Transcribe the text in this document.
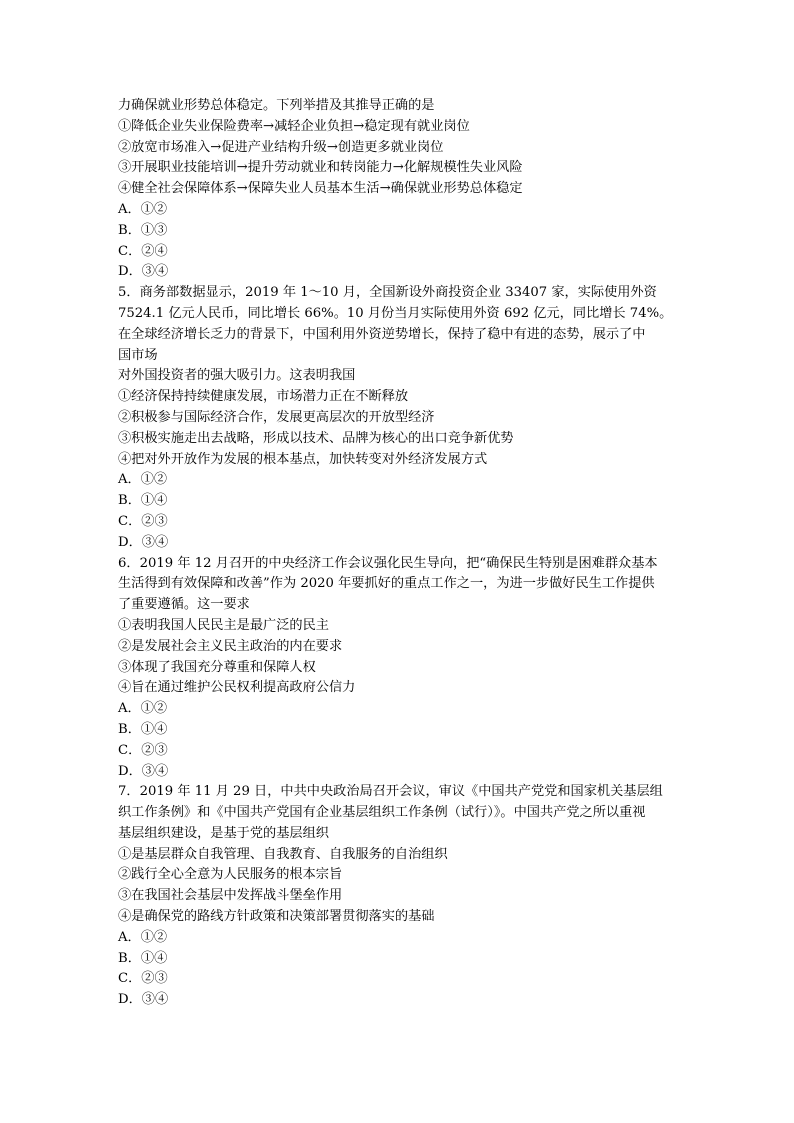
力确保就业形势总体稳定。下列举措及其推导正确的是
①降低企业失业保险费率→减轻企业负担→稳定现有就业岗位
②放宽市场准入→促进产业结构升级→创造更多就业岗位
③开展职业技能培训→提升劳动就业和转岗能力→化解规模性失业风险
④健全社会保障体系→保障失业人员基本生活→确保就业形势总体稳定
A．①②
B．①③
C．②④
D．③④
5．商务部数据显示，2019 年 1～10 月，全国新设外商投资企业 33407 家，实际使用外资
7524.1 亿元人民币，同比增长 66%。10 月份当月实际使用外资 692 亿元，同比增长 74%。
在全球经济增长乏力的背景下，中国利用外资逆势增长，保持了稳中有进的态势，展示了中
国市场
对外国投资者的强大吸引力。这表明我国
①经济保持持续健康发展，市场潜力正在不断释放
②积极参与国际经济合作，发展更高层次的开放型经济
③积极实施走出去战略，形成以技术、品牌为核心的出口竞争新优势
④把对外开放作为发展的根本基点，加快转变对外经济发展方式
A．①②
B．①④
C．②③
D．③④
6．2019 年 12 月召开的中央经济工作会议强化民生导向，把“确保民生特别是困难群众基本
生活得到有效保障和改善”作为 2020 年要抓好的重点工作之一，为进一步做好民生工作提供
了重要遵循。这一要求
①表明我国人民民主是最广泛的民主
②是发展社会主义民主政治的内在要求
③体现了我国充分尊重和保障人权
④旨在通过维护公民权利提高政府公信力
A．①②
B．①④
C．②③
D．③④
7．2019 年 11 月 29 日，中共中央政治局召开会议，审议《中国共产党党和国家机关基层组
织工作条例》和《中国共产党国有企业基层组织工作条例（试行）》。中国共产党之所以重视
基层组织建设，是基于党的基层组织
①是基层群众自我管理、自我教育、自我服务的自治组织
②践行全心全意为人民服务的根本宗旨
③在我国社会基层中发挥战斗堡垒作用
④是确保党的路线方针政策和决策部署贯彻落实的基础
A．①②
B．①④
C．②③
D．③④
